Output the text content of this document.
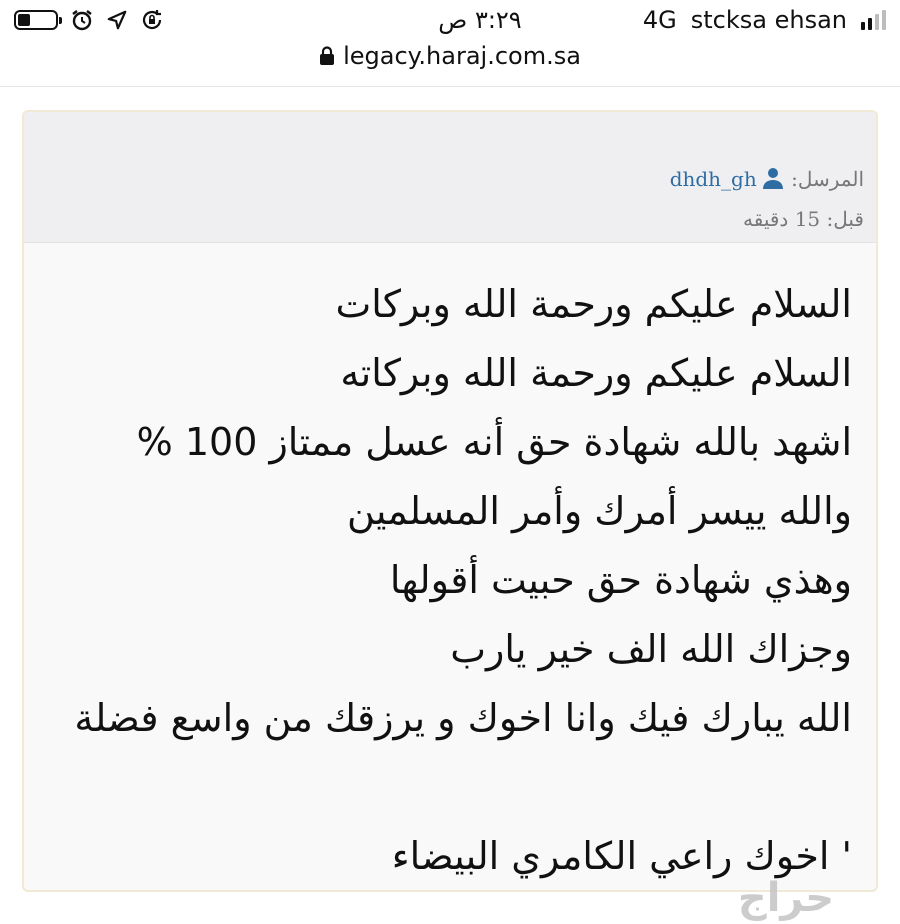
٣:٢٩ ص	4G stcksa ehsan
legacy.haraj.com.sa
المرسل: dhdh_gh
قبل: 15 دقيقه
السلام عليكم ورحمة الله وبركات
السلام عليكم ورحمة الله وبركاته
اشهد بالله شهادة حق أنه عسل ممتاز 100 %
والله ييسر أمرك وأمر المسلمين
وهذي شهادة حق حبيت أقولها
وجزاك الله الف خير يارب
الله يبارك فيك وانا اخوك و يرزقك من واسع فضلة
' اخوك راعي الكامري البيضاء
حراج
